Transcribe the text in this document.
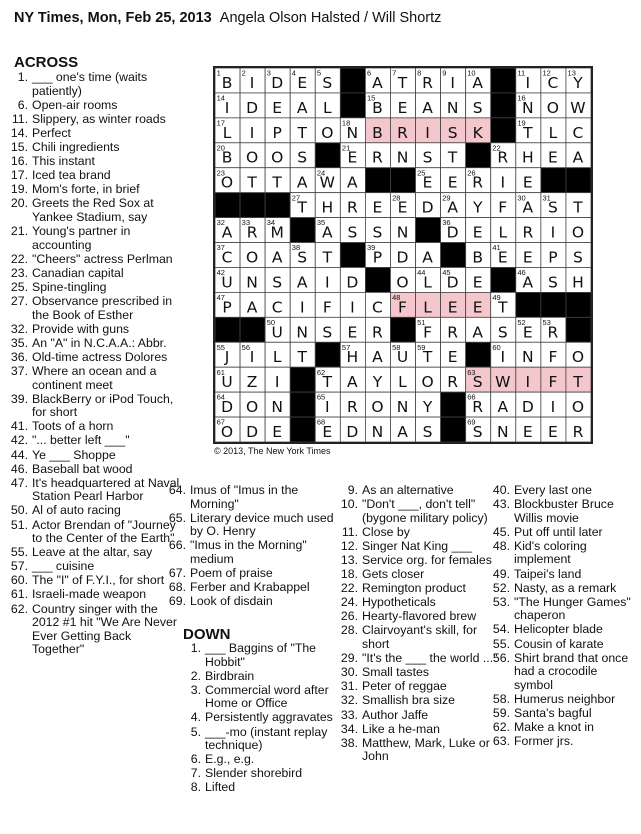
NY Times, Mon, Feb 25, 2013 Angela Olson Halsted / Will Shortz
ACROSS
DOWN
1. ___ one's time (waits patiently)
6. Open-air rooms
11. Slippery, as winter roads
14. Perfect
15. Chili ingredients
16. This instant
17. Iced tea brand
19. Mom's forte, in brief
20. Greets the Red Sox at Yankee Stadium, say
21. Young's partner in accounting
22. "Cheers" actress Perlman
23. Canadian capital
25. Spine-tingling
27. Observance prescribed in the Book of Esther
32. Provide with guns
35. An "A" in N.C.A.A.: Abbr.
36. Old-time actress Dolores
37. Where an ocean and a continent meet
39. BlackBerry or iPod Touch, for short
41. Toots of a horn
42. "... better left ___"
44. Ye ___ Shoppe
46. Baseball bat wood
47. It's headquartered at Naval Station Pearl Harbor
50. Al of auto racing
51. Actor Brendan of "Journey to the Center of the Earth"
55. Leave at the altar, say
57. ___ cuisine
60. The "I" of F.Y.I., for short
61. Israeli-made weapon
62. Country singer with the 2012 #1 hit "We Are Never Ever Getting Back Together"
64. Imus of "Imus in the Morning"
65. Literary device much used by O. Henry
66. "Imus in the Morning" medium
67. Poem of praise
68. Ferber and Krabappel
69. Look of disdain
1. ___ Baggins of "The Hobbit"
2. Birdbrain
3. Commercial word after Home or Office
4. Persistently aggravates
5. ___-mo (instant replay technique)
6. E.g., e.g.
7. Slender shorebird
8. Lifted
9. As an alternative
10. "Don't ___, don't tell" (bygone military policy)
11. Close by
12. Singer Nat King ___
13. Service org. for females
18. Gets closer
22. Remington product
24. Hypotheticals
26. Hearty-flavored brew
28. Clairvoyant's skill, for short
29. "It's the ___ the world ..."
30. Small tastes
31. Peter of reggae
32. Smallish bra size
33. Author Jaffe
34. Like a he-man
38. Matthew, Mark, Luke or John
40. Every last one
43. Blockbuster Bruce Willis movie
45. Put off until later
48. Kid's coloring implement
49. Taipei's land
52. Nasty, as a remark
53. "The Hunger Games" chaperon
54. Helicopter blade
55. Cousin of karate
56. Shirt brand that once had a crocodile symbol
58. Humerus neighbor
59. Santa's bagful
62. Make a knot in
63. Former jrs.
1
B
2
I
3
D
4
E
5
S
6
A
7
T
8
R
9
I
10
A
11
I
12
C
13
Y
14
I D E A L
15
B E A N S
16
N O W
17
L I P T O
18
N B R I S K
19
T L C
20
B O O S
21
E R N S T
22
R H E A
23
O T T A
24
W A
25
E E
26
R I E
27
T H R E
28
E D
29
A Y F
30
A
31
S T
32
A
33
R
34
M
35
A S S N
36
D E L R I O
37
C O A
38
S T
39
P D A B
41
E E P S
42
U N S A I D O
44
L
45
D E
46
A S H
47
P A C I F I C
48
F L E E
49
T
50
U N S E R
51
F R A S
52
E
53
R
55
J
56
I L T
57
H A
58
U
59
T E
60
I N F O
61
U Z I
62
T A Y L O R
63
S W I F T
64
D O N
65
I R O N Y
66
R A D I O
67
O D E
68
E D N A S
69
S N E E R
© 2013, The New York Times
